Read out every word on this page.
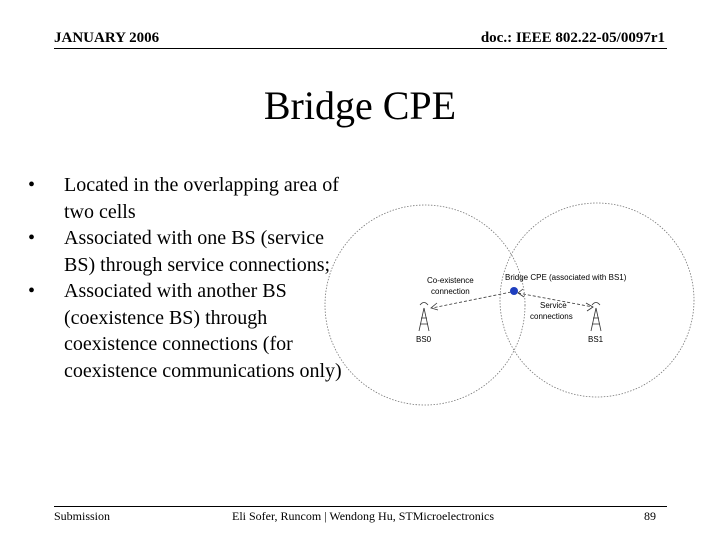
JANUARY 2006	doc.: IEEE 802.22-05/0097r1
Bridge CPE
• Located in the overlapping area of two cells
• Associated with one BS (service BS) through service connections;
• Associated with another BS (coexistence BS) through coexistence connections (for coexistence communications only)
Co-existence
connection
Bridge CPE (associated with BS1)
Service
connections
BS0	BS1
Submission	Eli Sofer, Runcom | Wendong Hu, STMicroelectronics	89
